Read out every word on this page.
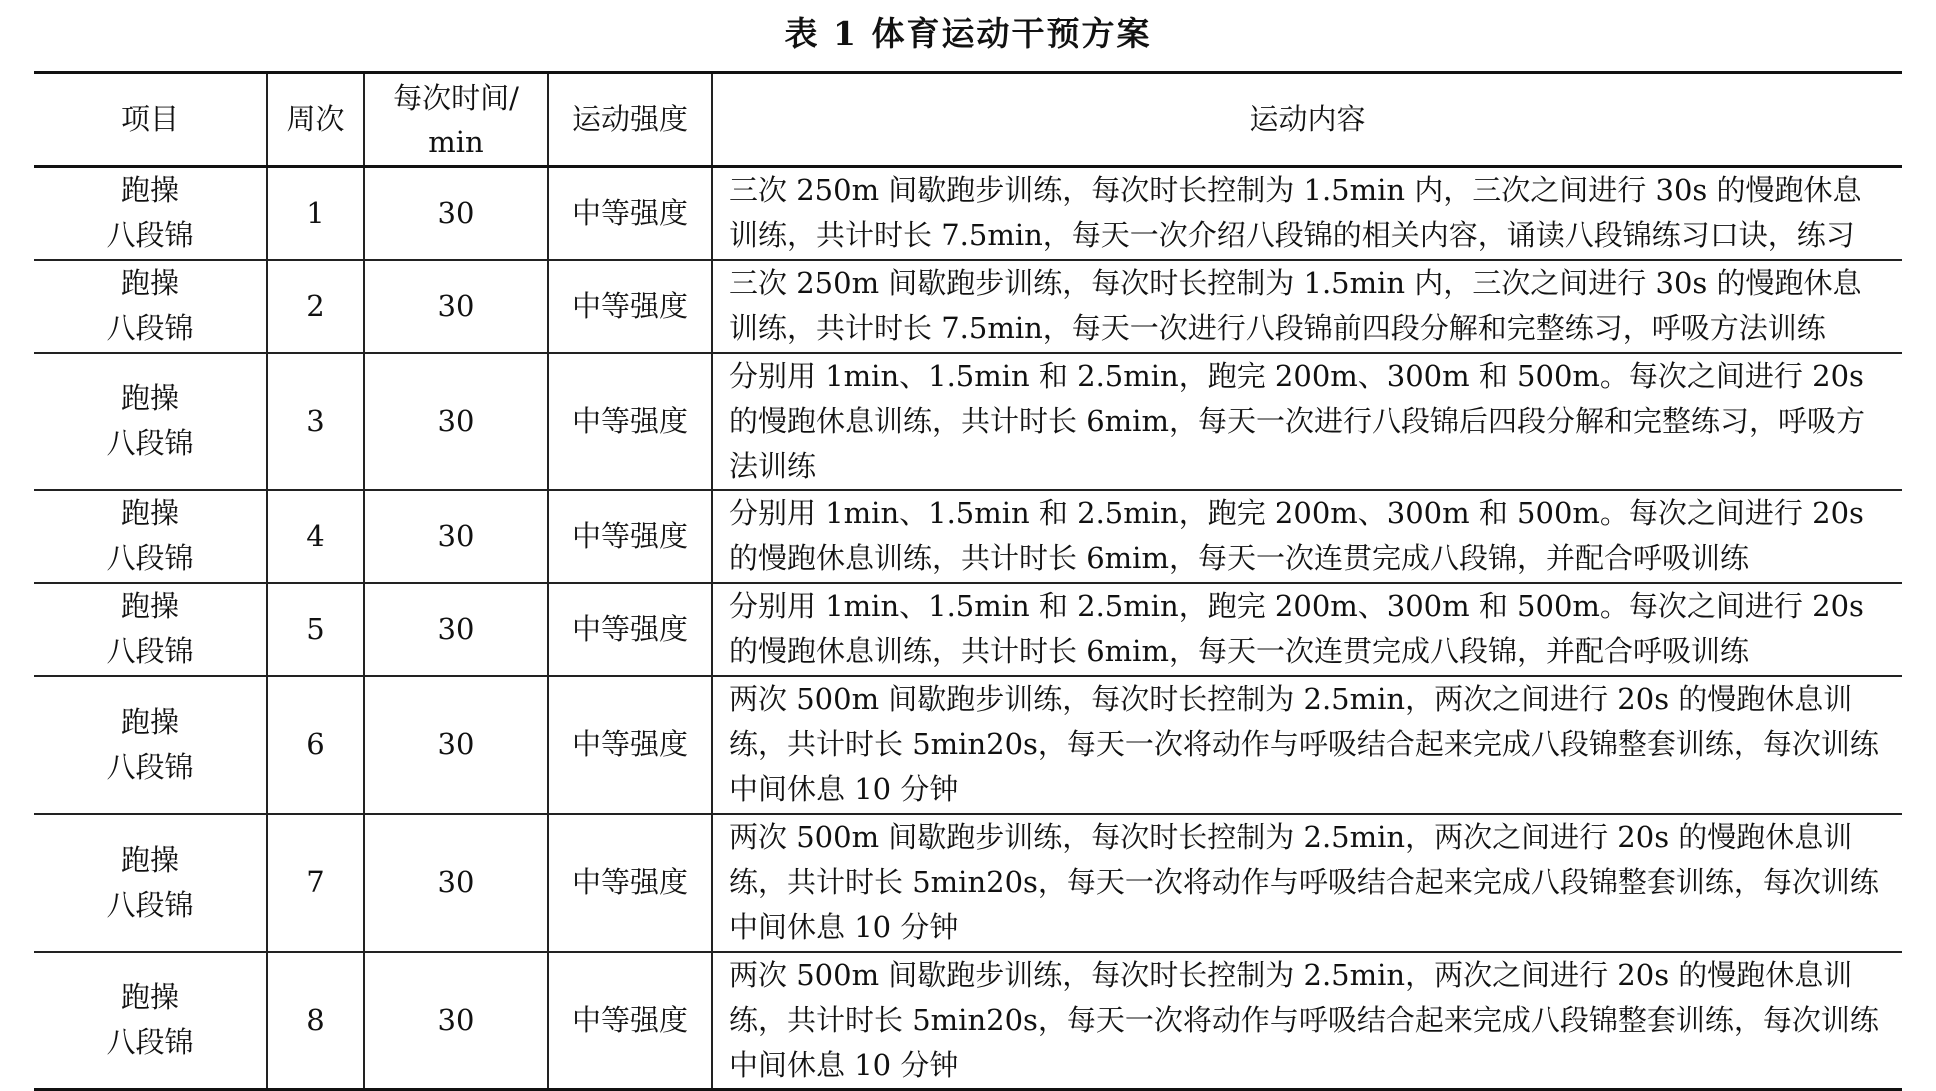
表 1 体育运动干预方案
项目	周次	每次时间/
min	运动强度	运动内容

跑操
八段锦	1	30	中等强度	三次 250m 间歇跑步训练，每次时长控制为 1.5min 内，三次之间进行 30s 的慢跑休息训练，共计时长 7.5min，每天一次介绍八段锦的相关内容，诵读八段锦练习口诀，练习

跑操
八段锦	2	30	中等强度	三次 250m 间歇跑步训练，每次时长控制为 1.5min 内，三次之间进行 30s 的慢跑休息训练，共计时长 7.5min，每天一次进行八段锦前四段分解和完整练习，呼吸方法训练

跑操
八段锦	3	30	中等强度	分别用 1min、1.5min 和 2.5min，跑完 200m、300m 和 500m。每次之间进行 20s 的慢跑休息训练，共计时长 6mim，每天一次进行八段锦后四段分解和完整练习，呼吸方法训练

跑操
八段锦	4	30	中等强度	分别用 1min、1.5min 和 2.5min，跑完 200m、300m 和 500m。每次之间进行 20s 的慢跑休息训练，共计时长 6mim，每天一次连贯完成八段锦，并配合呼吸训练

跑操
八段锦	5	30	中等强度	分别用 1min、1.5min 和 2.5min，跑完 200m、300m 和 500m。每次之间进行 20s 的慢跑休息训练，共计时长 6mim，每天一次连贯完成八段锦，并配合呼吸训练

跑操
八段锦	6	30	中等强度	两次 500m 间歇跑步训练，每次时长控制为 2.5min，两次之间进行 20s 的慢跑休息训练，共计时长 5min20s，每天一次将动作与呼吸结合起来完成八段锦整套训练，每次训练中间休息 10 分钟

跑操
八段锦	7	30	中等强度	两次 500m 间歇跑步训练，每次时长控制为 2.5min，两次之间进行 20s 的慢跑休息训练，共计时长 5min20s，每天一次将动作与呼吸结合起来完成八段锦整套训练，每次训练中间休息 10 分钟

跑操
八段锦	8	30	中等强度	两次 500m 间歇跑步训练，每次时长控制为 2.5min，两次之间进行 20s 的慢跑休息训练，共计时长 5min20s，每天一次将动作与呼吸结合起来完成八段锦整套训练，每次训练中间休息 10 分钟
